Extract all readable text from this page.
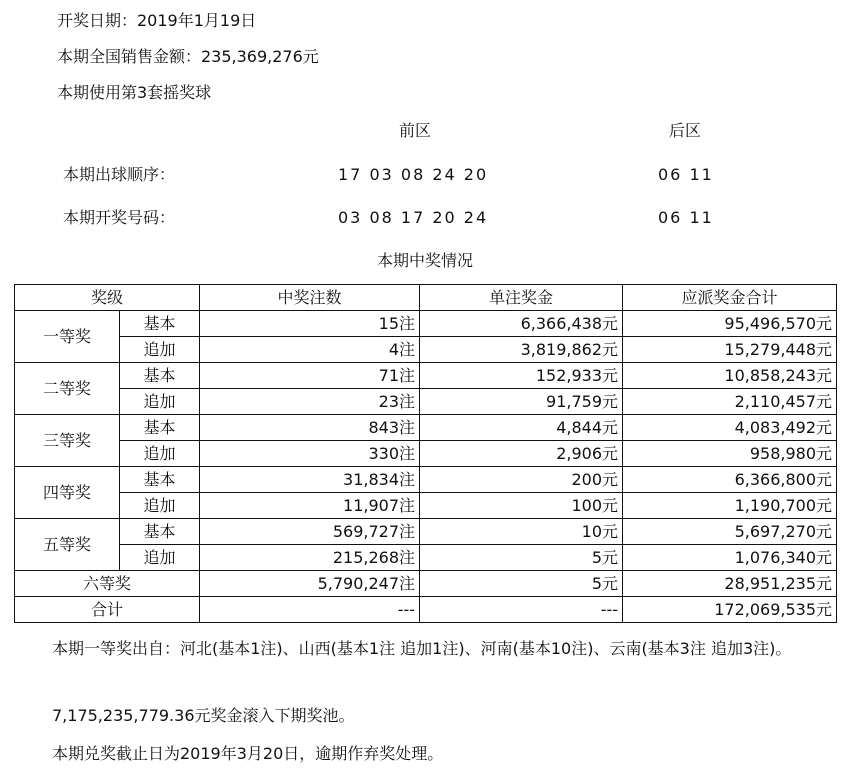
开奖日期：2019年1月19日
本期全国销售金额：235,369,276元
本期使用第3套摇奖球
前区	后区
本期出球顺序：	17 03 08 24 20	06 11
本期开奖号码：	03 08 17 20 24	06 11
本期中奖情况
奖级		中奖注数	单注奖金	应派奖金合计
一等奖	基本	15注	6,366,438元	95,496,570元
	追加	4注	3,819,862元	15,279,448元
二等奖	基本	71注	152,933元	10,858,243元
	追加	23注	91,759元	2,110,457元
三等奖	基本	843注	4,844元	4,083,492元
	追加	330注	2,906元	958,980元
四等奖	基本	31,834注	200元	6,366,800元
	追加	11,907注	100元	1,190,700元
五等奖	基本	569,727注	10元	5,697,270元
	追加	215,268注	5元	1,076,340元
六等奖		5,790,247注	5元	28,951,235元
合计		---	---	172,069,535元
本期一等奖出自：河北(基本1注)、山西(基本1注 追加1注)、河南(基本10注)、云南(基本3注 追加3注)。
7,175,235,779.36元奖金滚入下期奖池。
本期兑奖截止日为2019年3月20日，逾期作弃奖处理。
